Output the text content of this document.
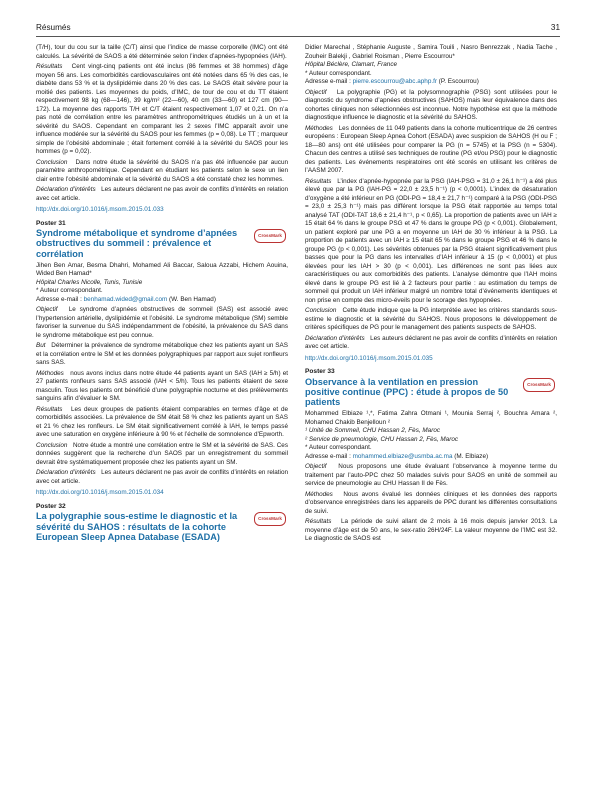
Résumés	31

(T/H), tour du cou sur la taille (C/T) ainsi que l’indice de masse corporelle (IMC) ont été calculés. La sévérité de SAOS a été déterminée selon l’index d’apnées-hypopnées (IAH).

Résultats Cent vingt-cinq patients ont été inclus (86 femmes et 38 hommes) d’âge moyen 56 ans. Les comorbidités cardiovasculaires ont été notées dans 65 % des cas, le diabète dans 53 % et la dyslipidémie dans 20 % des cas. Le SAOS était sévère pour la moitié des patients. Les moyennes du poids, d’IMC, de tour de cou et du TT étaient respectivement 98 kg (68—146), 39 kg/m² (22—60), 40 cm (33—60) et 127 cm (90—172). La moyenne des rapports T/H et C/T étaient respectivement 1,07 et 0,21. On n’a pas noté de corrélation entre les paramètres anthropométriques étudiés un à un et la sévérité du SAOS. Cependant en comparant les 2 sexes l’IMC apparaît avoir une influence modérée sur la sévérité du SAOS pour les femmes (p = 0,08). Le TT ; marqueur simple de l’obésité abdominale ; était fortement corrélé à la sévérité du SAOS pour les hommes (p = 0,02).

Conclusion Dans notre étude la sévérité du SAOS n’a pas été influencée par aucun paramètre anthropométrique. Cependant en étudiant les patients selon le sexe un lien clair entre l’obésité abdominale et la sévérité du SAOS a été constaté chez les hommes.

Déclaration d’intérêts Les auteurs déclarent ne pas avoir de conflits d’intérêts en relation avec cet article.

http://dx.doi.org/10.1016/j.msom.2015.01.033
Poster 31
Syndrome métabolique et syndrome d’apnées obstructives du sommeil : prévalence et corrélation
CrossMark

Jihen Ben Amar, Besma Dhahri, Mohamed Ali Baccar, Saloua Azzabi, Hichem Aouina, Wided Ben Hamad*

Hôpital Charles Nicolle, Tunis, Tunisie

* Auteur correspondant.

Adresse e-mail : benhamad.wided@gmail.com (W. Ben Hamad)

Objectif Le syndrome d’apnées obstructives de sommeil (SAS) est associé avec l’hypertension artérielle, dyslipidémie et l’obésité. Le syndrome métabolique (SM) semble favoriser la survenue du SAS indépendamment de l’obésité, la prévalence du SAS dans le syndrome métabolique est peu connue.

But Déterminer la prévalence de syndrome métabolique chez les patients ayant un SAS et la corrélation entre le SM et les données polygraphiques par rapport aux sujet ronfleurs sans SAS.

Méthodes nous avons inclus dans notre étude 44 patients ayant un SAS (IAH ≥ 5/h) et 27 patients ronfleurs sans SAS associé (IAH < 5/h). Tous les patients étaient de sexe masculin. Tous les patients ont bénéficié d’une polygraphie nocturne et des prélèvements sanguins afin d’évaluer le SM.

Résultats Les deux groupes de patients étaient comparables en termes d’âge et de comorbidités associées. La prévalence de SM était 58 % chez les patients ayant un SAS et 21 % chez les ronfleurs. Le SM était significativement corrélé à IAH, le temps passé avec une saturation en oxygène inférieure à 90 % et l’échelle de somnolence d’Epworth.

Conclusion Notre étude a montré une corrélation entre le SM et la sévérité de SAS. Ces données suggèrent que la recherche d’un SAOS par un enregistrement du sommeil devrait être systématiquement proposée chez les patients ayant un SM.

Déclaration d’intérêts Les auteurs déclarent ne pas avoir de conflits d’intérêts en relation avec cet article.

http://dx.doi.org/10.1016/j.msom.2015.01.034
Poster 32
La polygraphie sous-estime le diagnostic et la sévérité du SAHOS : résultats de la cohorte European Sleep Apnea Database (ESADA)
CrossMark

Didier Marechal , Stéphanie Auguste , Samira Touili , Nasro Benrezzak , Nadia Tache , Zouheir Balekji , Gabriel Roisman , Pierre Escourrou*

Hôpital Béclère, Clamart, France

* Auteur correspondant.

Adresse e-mail : pierre.escourrou@abc.aphp.fr (P. Escourrou)

Objectif La polygraphie (PG) et la polysomnographie (PSG) sont utilisées pour le diagnostic du syndrome d’apnées obstructives (SAHOS) mais leur équivalence dans des cohortes cliniques non sélectionnées est inconnue. Notre hypothèse est que la méthode diagnostique influence le diagnostic et la sévérité du SAHOS.

Méthodes Les données de 11 049 patients dans la cohorte multicentrique de 26 centres européens : European Sleep Apnea Cohort (ESADA) avec suspicion de SAHOS (H ou F ; 18—80 ans) ont été utilisées pour comparer la PG (n = 5745) et la PSG (n = 5304). Chacun des centres a utilisé ses techniques de routine (PG et/ou PSG) pour le diagnostic des patients. Les événements respiratoires ont été scorés en utilisant les critères de l’AASM 2007.

Résultats L’index d’apnée-hypopnée par la PSG (IAH-PSG = 31,0 ± 26,1 h⁻¹) a été plus élevé que par la PG (IAH-PG = 22,0 ± 23,5 h⁻¹) (p < 0,0001). L’index de désaturation d’oxygène a été inférieur en PG (ODI-PG = 18,4 ± 21,7 h⁻¹) comparé à la PSG (ODI-PSG = 23,0 ± 25,3 h⁻¹) mais pas différent lorsque la PSG était rapportée au temps total analysé TAT (ODI-TAT 18,6 ± 21,4 h⁻¹, p < 0,65). La proportion de patients avec un IAH ≥ 15 était 64 % dans le groupe PSG et 47 % dans le groupe PG (p < 0,001). Globalement, un patient exploré par une PG a en moyenne un IAH de 30 % inférieur à la PSG. La proportion de patients avec un IAH ≥ 15 était 65 % dans le groupe PSG et 46 % dans le groupe PG (p < 0,001). Les sévérités obtenues par la PSG étaient significativement plus basses que pour la PG dans les intervalles d’IAH inférieur à 15 (p < 0,0001) et plus élevées pour les IAH > 30 (p < 0,001). Les différences ne sont pas liées aux caractéristiques ou aux comorbidités des patients. L’analyse démontre que l’IAH moins élevé dans le groupe PG est lié à 2 facteurs pour partie : au estimation du temps de sommeil qui produit un IAH inférieur malgré un nombre total d’événements identiques et non prise en compte des micro-éveils pour le scorage des hypopnées.

Conclusion Cette étude indique que la PG interprétée avec les critères standards sous-estime le diagnostic et la sévérité du SAHOS. Nous proposons le développement de critères spécifiques de PG pour le management des patients suspects de SAHOS.

Déclaration d’intérêts Les auteurs déclarent ne pas avoir de conflits d’intérêts en relation avec cet article.

http://dx.doi.org/10.1016/j.msom.2015.01.035
Poster 33
Observance à la ventilation en pression positive continue (PPC) : étude à propos de 50 patients
CrossMark

Mohammed Elbiaze ¹,*, Fatima Zahra Otmani ¹, Mounia Serraj ², Bouchra Amara ², Mohamed Chakib Benjelloun ²

¹ Unité de Sommeil, CHU Hassan 2, Fès, Maroc

² Service de pneumologie, CHU Hassan 2, Fès, Maroc

* Auteur correspondant.

Adresse e-mail : mohammed.elbiaze@usmba.ac.ma (M. Elbiaze)

Objectif Nous proposons une étude évaluant l’observance à moyenne terme du traitement par l’auto-PPC chez 50 malades suivis pour SAOS en unité de sommeil au service de pneumologie au CHU Hassan II de Fès.

Méthodes Nous avons évalué les données cliniques et les données des rapports d’observance enregistrées dans les appareils de PPC durant les différentes consultations de suivi.

Résultats La période de suivi allant de 2 mois à 16 mois depuis janvier 2013. La moyenne d’âge est de 50 ans, le sex-ratio 26H/24F. La valeur moyenne de l’IMC est 32. Le diagnostic de SAOS est
